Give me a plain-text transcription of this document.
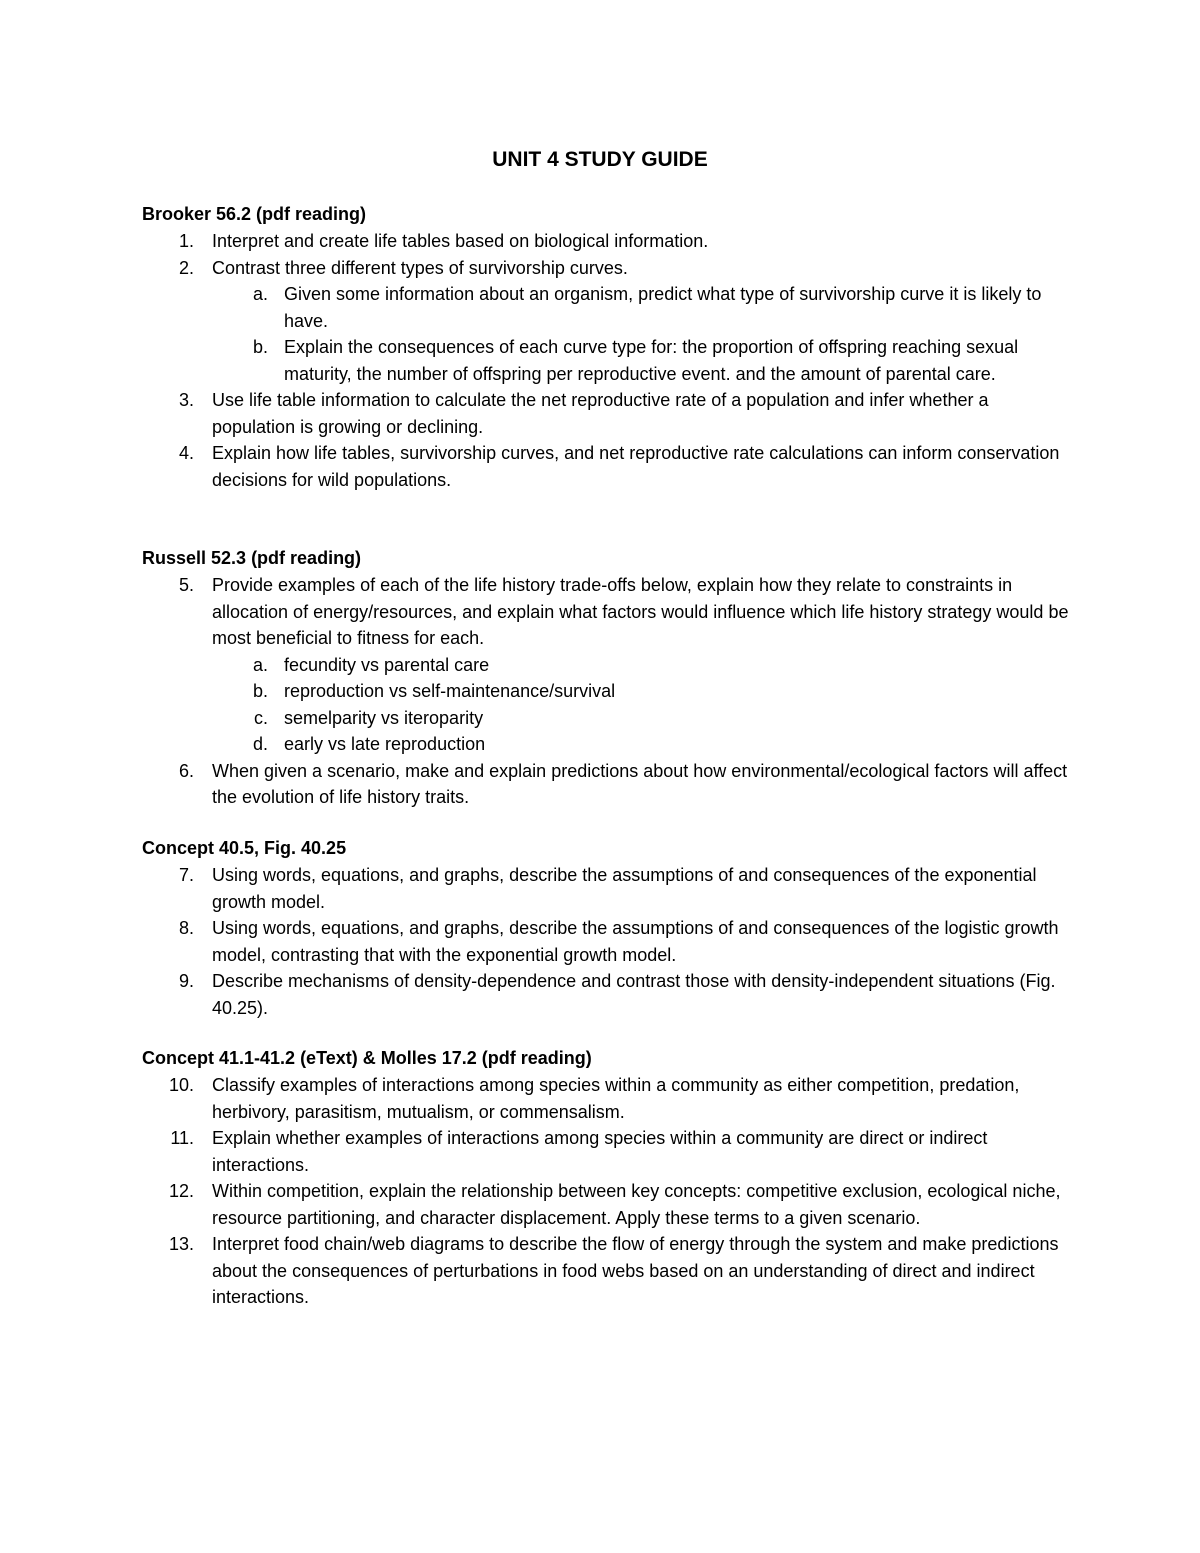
UNIT 4 STUDY GUIDE
Brooker 56.2 (pdf reading)
1. Interpret and create life tables based on biological information.
2. Contrast three different types of survivorship curves.
a. Given some information about an organism, predict what type of survivorship curve it is likely to have.
b. Explain the consequences of each curve type for: the proportion of offspring reaching sexual maturity, the number of offspring per reproductive event. and the amount of parental care.
3. Use life table information to calculate the net reproductive rate of a population and infer whether a population is growing or declining.
4. Explain how life tables, survivorship curves, and net reproductive rate calculations can inform conservation decisions for wild populations.
Russell 52.3 (pdf reading)
5. Provide examples of each of the life history trade-offs below, explain how they relate to constraints in allocation of energy/resources, and explain what factors would influence which life history strategy would be most beneficial to fitness for each.
a. fecundity vs parental care
b. reproduction vs self-maintenance/survival
c. semelparity vs iteroparity
d. early vs late reproduction
6. When given a scenario, make and explain predictions about how environmental/ecological factors will affect the evolution of life history traits.
Concept 40.5, Fig. 40.25
7. Using words, equations, and graphs, describe the assumptions of and consequences of the exponential growth model.
8. Using words, equations, and graphs, describe the assumptions of and consequences of the logistic growth model, contrasting that with the exponential growth model.
9. Describe mechanisms of density-dependence and contrast those with density-independent situations (Fig. 40.25).
Concept 41.1-41.2 (eText) & Molles 17.2 (pdf reading)
10. Classify examples of interactions among species within a community as either competition, predation, herbivory, parasitism, mutualism, or commensalism.
11. Explain whether examples of interactions among species within a community are direct or indirect interactions.
12. Within competition, explain the relationship between key concepts: competitive exclusion, ecological niche, resource partitioning, and character displacement. Apply these terms to a given scenario.
13. Interpret food chain/web diagrams to describe the flow of energy through the system and make predictions about the consequences of perturbations in food webs based on an understanding of direct and indirect interactions.
